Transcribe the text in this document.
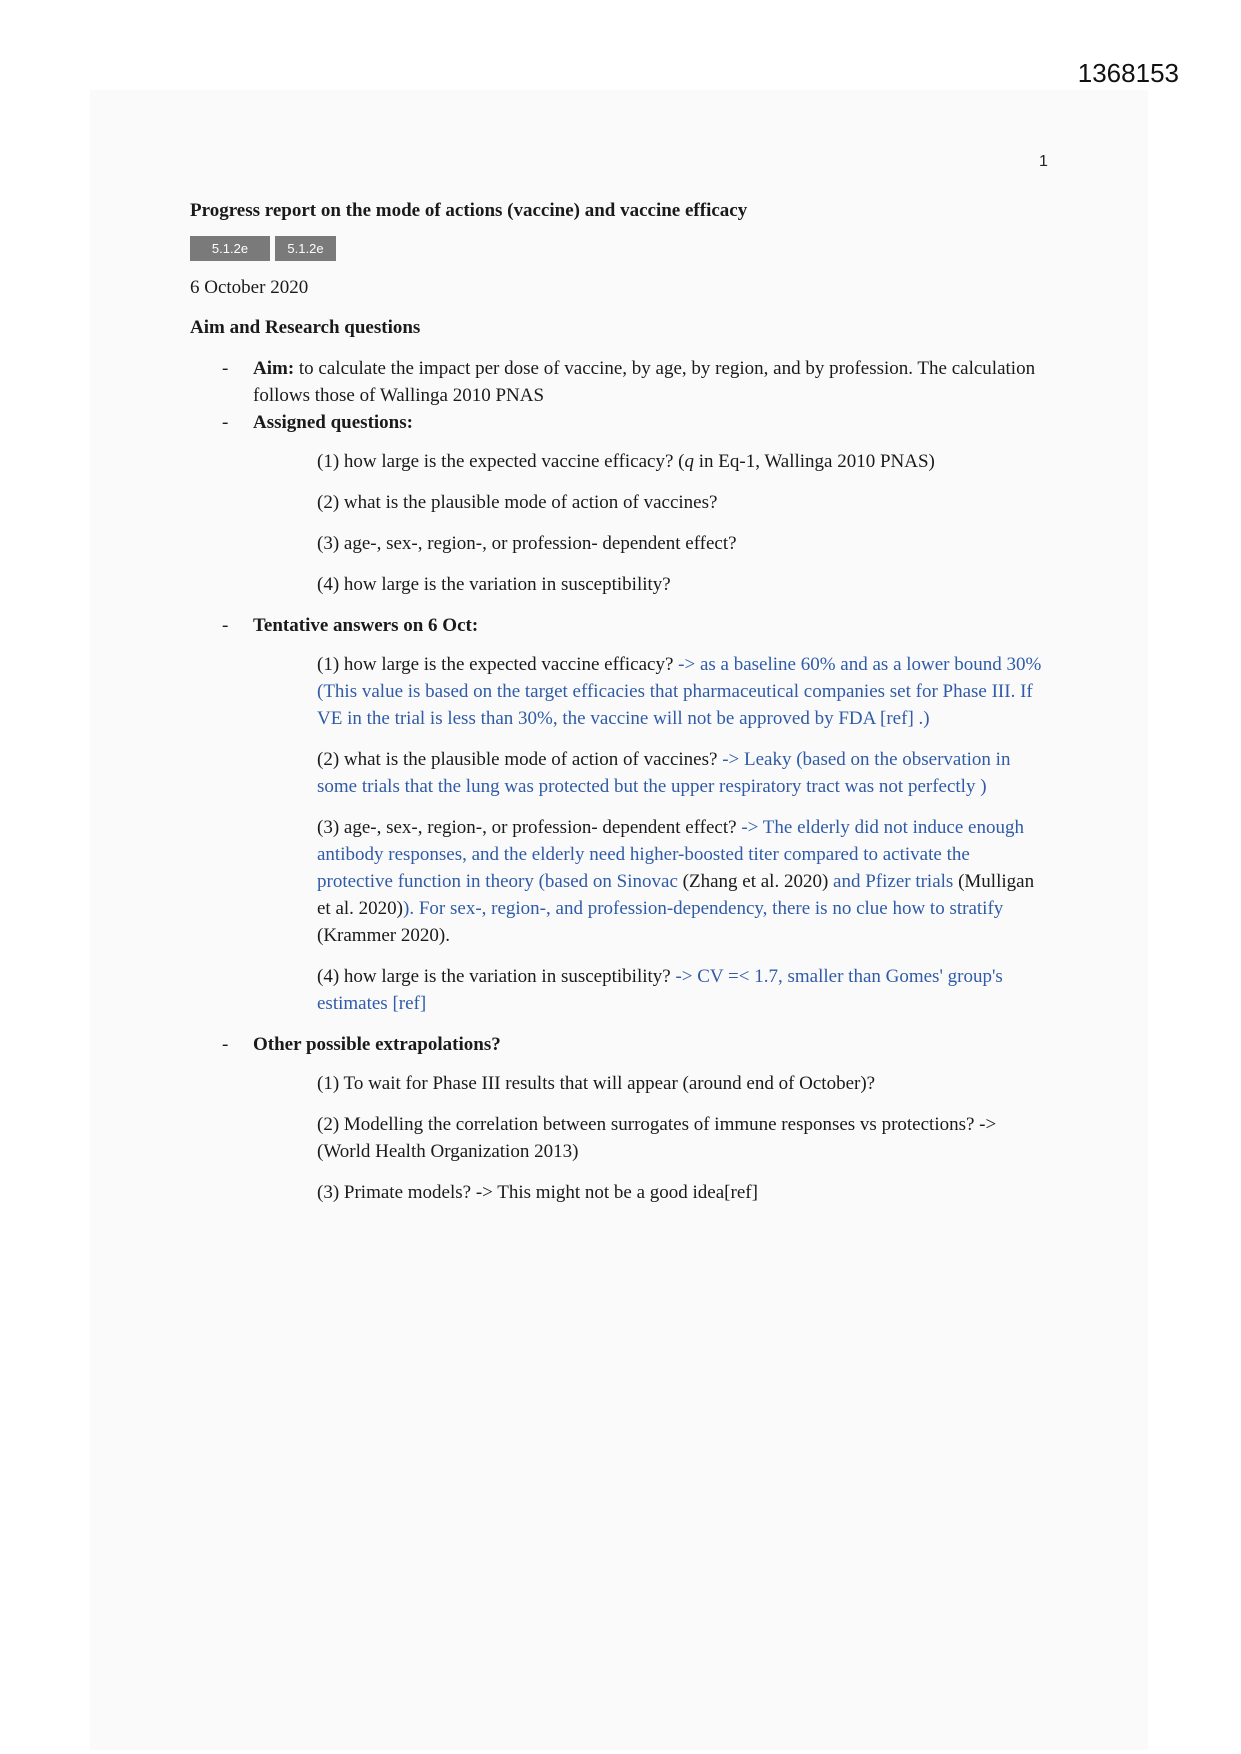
1368153
1
Progress report on the mode of actions (vaccine) and vaccine efficacy
5.1.2e	5.1.2e
6 October 2020
Aim and Research questions
- Aim: to calculate the impact per dose of vaccine, by age, by region, and by profession. The calculation follows those of Wallinga 2010 PNAS
- Assigned questions:
(1) how large is the expected vaccine efficacy? (q in Eq-1, Wallinga 2010 PNAS)
(2) what is the plausible mode of action of vaccines?
(3) age-, sex-, region-, or profession- dependent effect?
(4) how large is the variation in susceptibility?
- Tentative answers on 6 Oct:
(1) how large is the expected vaccine efficacy? -> as a baseline 60% and as a lower bound 30% (This value is based on the target efficacies that pharmaceutical companies set for Phase III. If VE in the trial is less than 30%, the vaccine will not be approved by FDA [ref] .)
(2) what is the plausible mode of action of vaccines? -> Leaky (based on the observation in some trials that the lung was protected but the upper respiratory tract was not perfectly )
(3) age-, sex-, region-, or profession- dependent effect? -> The elderly did not induce enough antibody responses, and the elderly need higher-boosted titer compared to activate the protective function in theory (based on Sinovac (Zhang et al. 2020) and Pfizer trials (Mulligan et al. 2020)). For sex-, region-, and profession-dependency, there is no clue how to stratify (Krammer 2020).
(4) how large is the variation in susceptibility? -> CV =< 1.7, smaller than Gomes' group's estimates [ref]
- Other possible extrapolations?
(1) To wait for Phase III results that will appear (around end of October)?
(2) Modelling the correlation between surrogates of immune responses vs protections? -> (World Health Organization 2013)
(3) Primate models? -> This might not be a good idea[ref]
